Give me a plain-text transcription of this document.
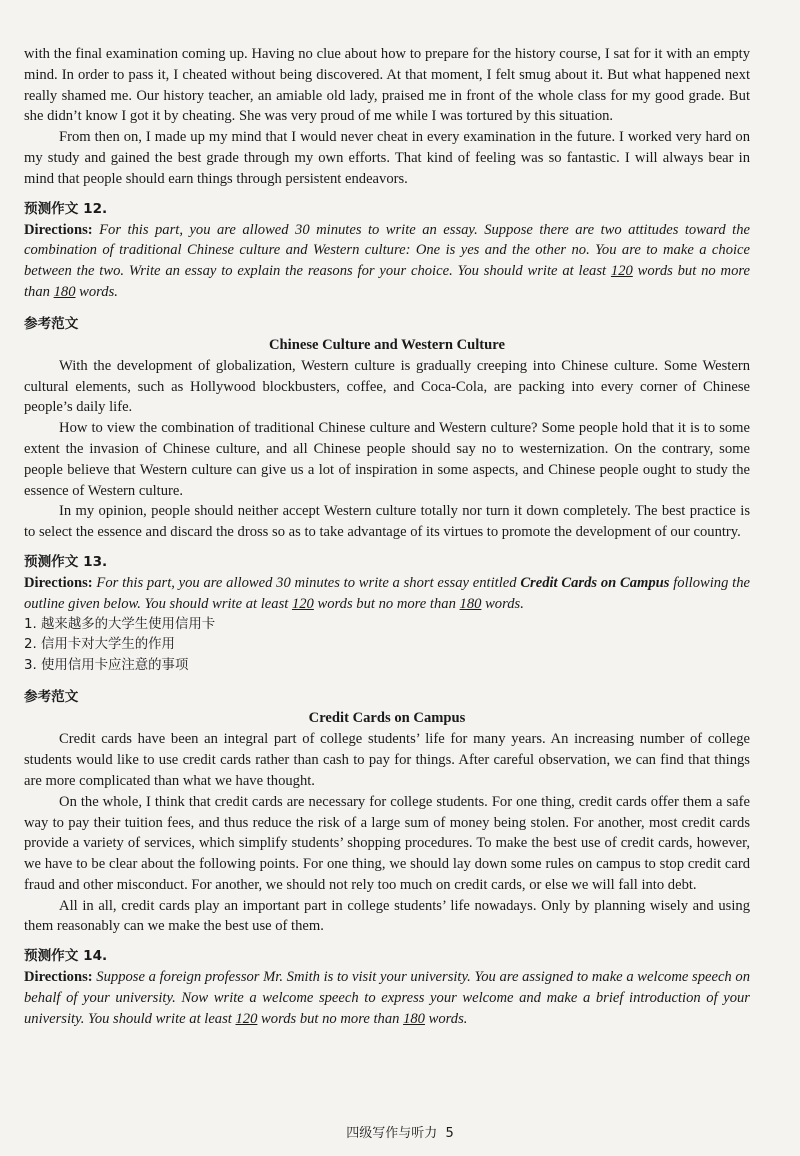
with the final examination coming up. Having no clue about how to prepare for the history course, I sat for it with an empty mind. In order to pass it, I cheated without being discovered. At that moment, I felt smug about it. But what happened next really shamed me. Our history teacher, an amiable old lady, praised me in front of the whole class for my good grade. But she didn’t know I got it by cheating. She was very proud of me while I was tortured by this situation.

From then on, I made up my mind that I would never cheat in every examination in the future. I worked very hard on my study and gained the best grade through my own efforts. That kind of feeling was so fantastic. I will always bear in mind that people should earn things through persistent endeavors.

预测作文 12.

Directions: For this part, you are allowed 30 minutes to write an essay. Suppose there are two attitudes toward the combination of traditional Chinese culture and Western culture: One is yes and the other no. You are to make a choice between the two. Write an essay to explain the reasons for your choice. You should write at least 120 words but no more than 180 words.

参考范文
Chinese Culture and Western Culture

With the development of globalization, Western culture is gradually creeping into Chinese culture. Some Western cultural elements, such as Hollywood blockbusters, coffee, and Coca-Cola, are packing into every corner of Chinese people’s daily life.

How to view the combination of traditional Chinese culture and Western culture? Some people hold that it is to some extent the invasion of Chinese culture, and all Chinese people should say no to westernization. On the contrary, some people believe that Western culture can give us a lot of inspiration in some aspects, and Chinese people ought to study the essence of Western culture.

In my opinion, people should neither accept Western culture totally nor turn it down completely. The best practice is to select the essence and discard the dross so as to take advantage of its virtues to promote the development of our country.

预测作文 13.

Directions: For this part, you are allowed 30 minutes to write a short essay entitled Credit Cards on Campus following the outline given below. You should write at least 120 words but no more than 180 words.

1. 越来越多的大学生使用信用卡
2. 信用卡对大学生的作用
3. 使用信用卡应注意的事项
参考范文
Credit Cards on Campus

Credit cards have been an integral part of college students’ life for many years. An increasing number of college students would like to use credit cards rather than cash to pay for things. After careful observation, we can find that things are more complicated than what we have thought.

On the whole, I think that credit cards are necessary for college students. For one thing, credit cards offer them a safe way to pay their tuition fees, and thus reduce the risk of a large sum of money being stolen. For another, most credit cards provide a variety of services, which simplify students’ shopping procedures. To make the best use of credit cards, however, we have to be clear about the following points. For one thing, we should lay down some rules on campus to stop credit card fraud and other misconduct. For another, we should not rely too much on credit cards, or else we will fall into debt.

All in all, credit cards play an important part in college students’ life nowadays. Only by planning wisely and using them reasonably can we make the best use of them.

预测作文 14.

Directions: Suppose a foreign professor Mr. Smith is to visit your university. You are assigned to make a welcome speech on behalf of your university. Now write a welcome speech to express your welcome and make a brief introduction of your university. You should write at least 120 words but no more than 180 words.

四级写作与听力 5
